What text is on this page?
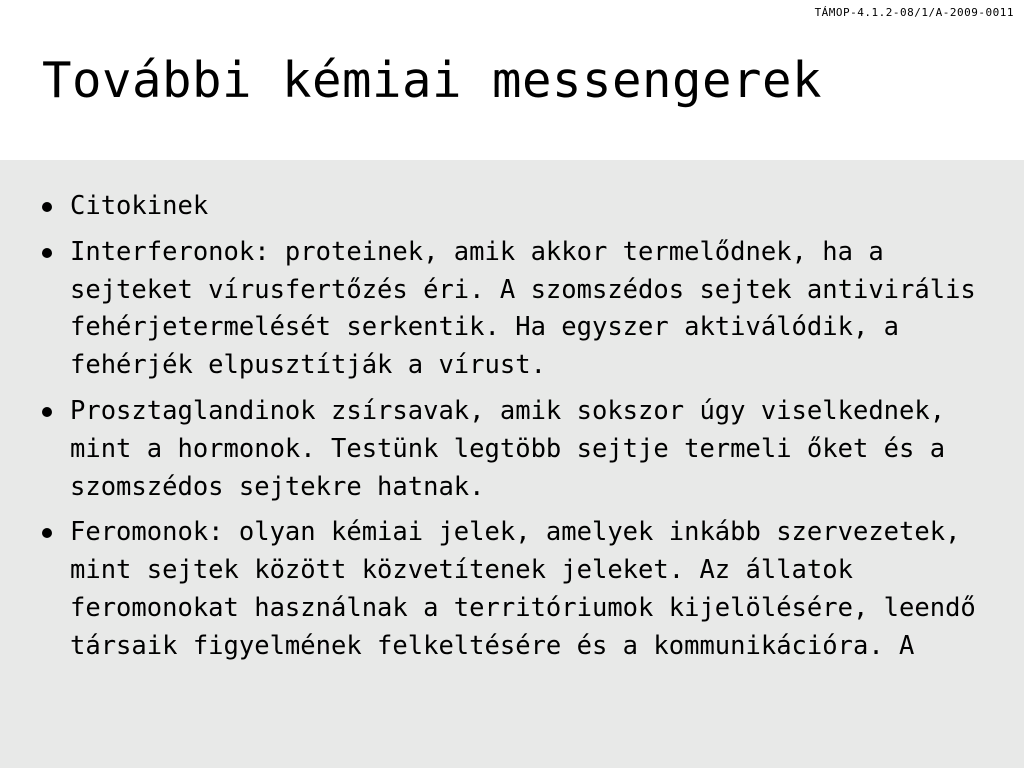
TÁMOP-4.1.2-08/1/A-2009-0011
További kémiai messengerek
Citokinek
Interferonok: proteinek, amik akkor termelődnek, ha a sejteket vírusfertőzés éri. A szomszédos sejtek antivirális fehérjetermelését serkentik. Ha egyszer aktiválódik, a fehérjék elpusztítják a vírust.
Prosztaglandinok zsírsavak, amik sokszor úgy viselkednek, mint a hormonok. Testünk legtöbb sejtje termeli őket és a szomszédos sejtekre hatnak.
Feromonok: olyan kémiai jelek, amelyek inkább szervezetek, mint sejtek között közvetítenek jeleket. Az állatok feromonokat használnak a territóriumok kijelölésére, leendő társaik figyelmének felkeltésére és a kommunikációra. A
